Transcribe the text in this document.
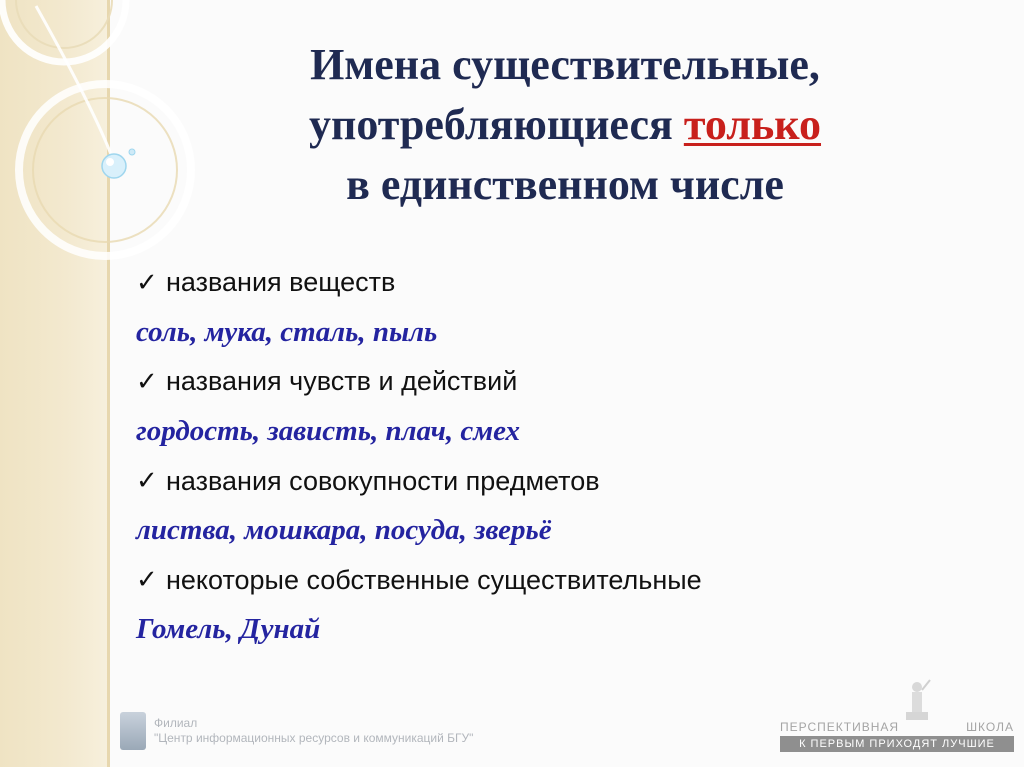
Имена существительные,
употребляющиеся только
в единственном числе
✓ названия веществ
соль, мука, сталь, пыль
✓ названия чувств и действий
гордость, зависть, плач, смех
✓ названия совокупности предметов
листва, мошкара, посуда, зверьё
✓ некоторые собственные существительные
Гомель, Дунай
Филиал
"Центр информационных ресурсов и коммуникаций БГУ"
ПЕРСПЕКТИВНАЯ	ШКОЛА
К ПЕРВЫМ ПРИХОДЯТ ЛУЧШИЕ
